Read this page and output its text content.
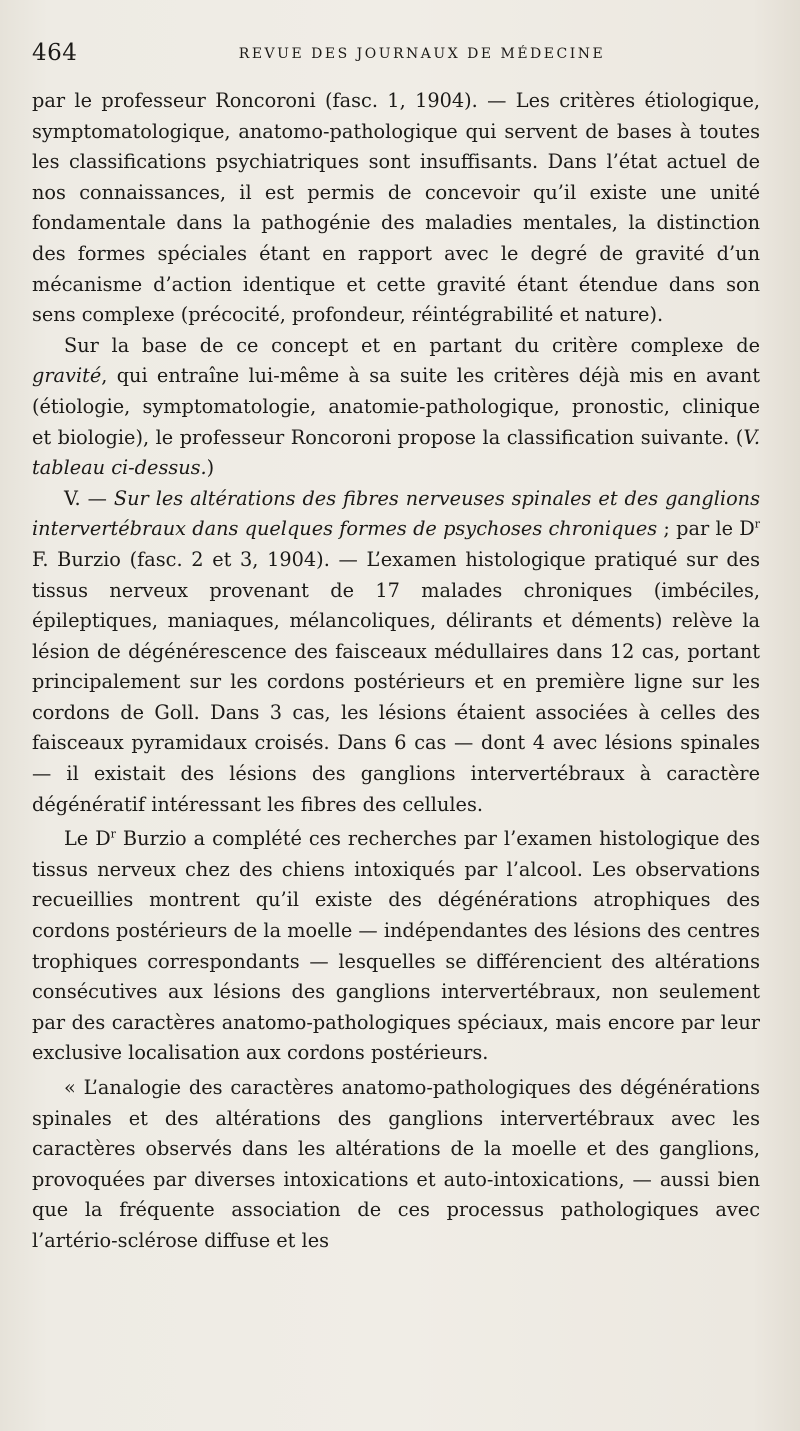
464	REVUE DES JOURNAUX DE MÉDECINE

par le professeur Roncoroni (fasc. 1, 1904). — Les critères étiologique, symptomatologique, anatomo-pathologique qui servent de bases à toutes les classifications psychiatriques sont insuffisants. Dans l’état actuel de nos connaissances, il est permis de concevoir qu’il existe une unité fondamentale dans la pathogénie des maladies mentales, la distinction des formes spéciales étant en rapport avec le degré de gravité d’un mécanisme d’action identique et cette gravité étant étendue dans son sens complexe (précocité, profondeur, réintégrabilité et nature).

Sur la base de ce concept et en partant du critère complexe de gravité, qui entraîne lui-même à sa suite les critères déjà mis en avant (étiologie, symptomatologie, anatomie-pathologique, pronostic, clinique et biologie), le professeur Roncoroni propose la classification suivante. (V. tableau ci-dessus.)

V. — Sur les altérations des fibres nerveuses spinales et des ganglions intervertébraux dans quelques formes de psychoses chroniques ; par le $D^r$ F. Burzio (fasc. 2 et 3, 1904). — L’examen histologique pratiqué sur des tissus nerveux provenant de 17 malades chroniques (imbéciles, épileptiques, maniaques, mélancoliques, délirants et déments) relève la lésion de dégénérescence des faisceaux médullaires dans 12 cas, portant principalement sur les cordons postérieurs et en première ligne sur les cordons de Goll. Dans 3 cas, les lésions étaient associées à celles des faisceaux pyramidaux croisés. Dans 6 cas — dont 4 avec lésions spinales — il existait des lésions des ganglions intervertébraux à caractère dégénératif intéressant les fibres des cellules.

Le $D^r$ Burzio a complété ces recherches par l’examen histologique des tissus nerveux chez des chiens intoxiqués par l’alcool. Les observations recueillies montrent qu’il existe des dégénérations atrophiques des cordons postérieurs de la moelle — indépendantes des lésions des centres trophiques correspondants — lesquelles se différencient des altérations consécutives aux lésions des ganglions intervertébraux, non seulement par des caractères anatomo-pathologiques spéciaux, mais encore par leur exclusive localisation aux cordons postérieurs.

« L’analogie des caractères anatomo-pathologiques des dégénérations spinales et des altérations des ganglions intervertébraux avec les caractères observés dans les altérations de la moelle et des ganglions, provoquées par diverses intoxications et auto-intoxications, — aussi bien que la fréquente association de ces processus pathologiques avec l’artério-sclérose diffuse et les
